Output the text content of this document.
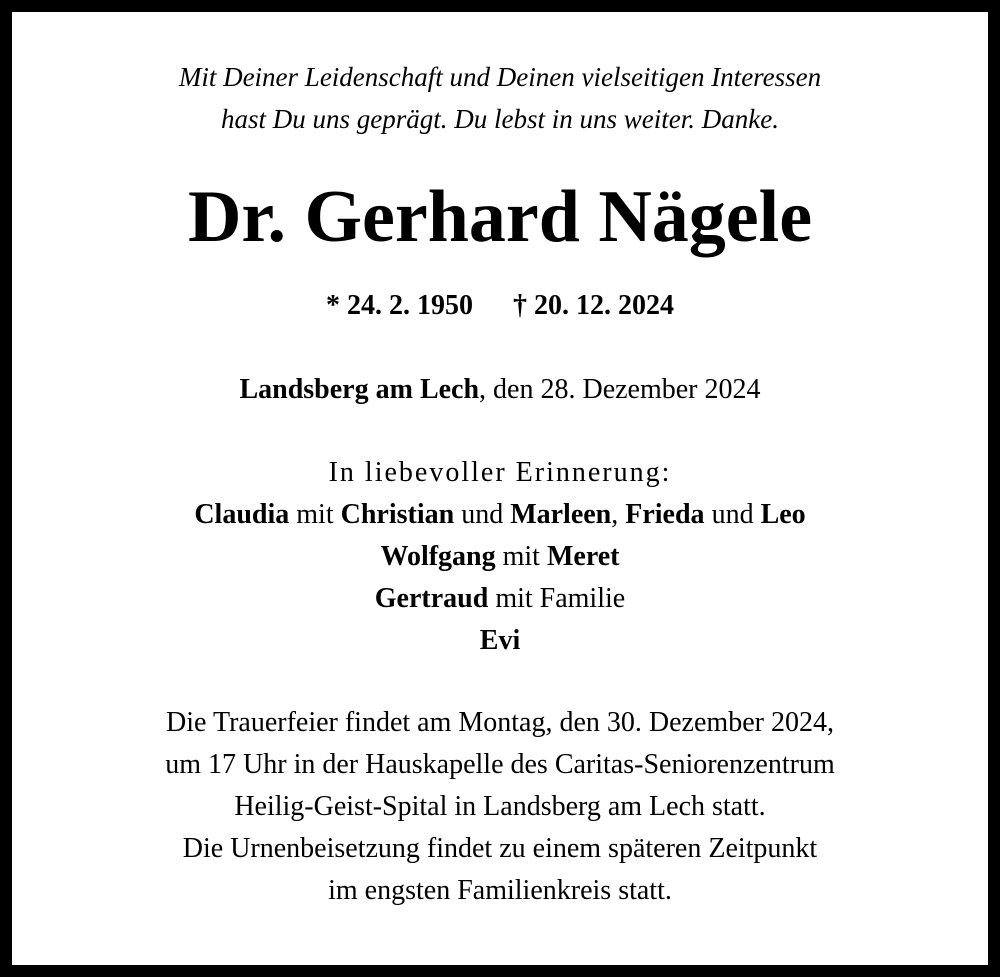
Mit Deiner Leidenschaft und Deinen vielseitigen Interessen
hast Du uns geprägt. Du lebst in uns weiter. Danke.
Dr. Gerhard Nägele
* 24. 2. 1950 † 20. 12. 2024
Landsberg am Lech, den 28. Dezember 2024
In liebevoller Erinnerung:
Claudia mit Christian und Marleen, Frieda und Leo
Wolfgang mit Meret
Gertraud mit Familie
Evi
Die Trauerfeier findet am Montag, den 30. Dezember 2024,
um 17 Uhr in der Hauskapelle des Caritas-Seniorenzentrum
Heilig-Geist-Spital in Landsberg am Lech statt.
Die Urnenbeisetzung findet zu einem späteren Zeitpunkt
im engsten Familienkreis statt.
